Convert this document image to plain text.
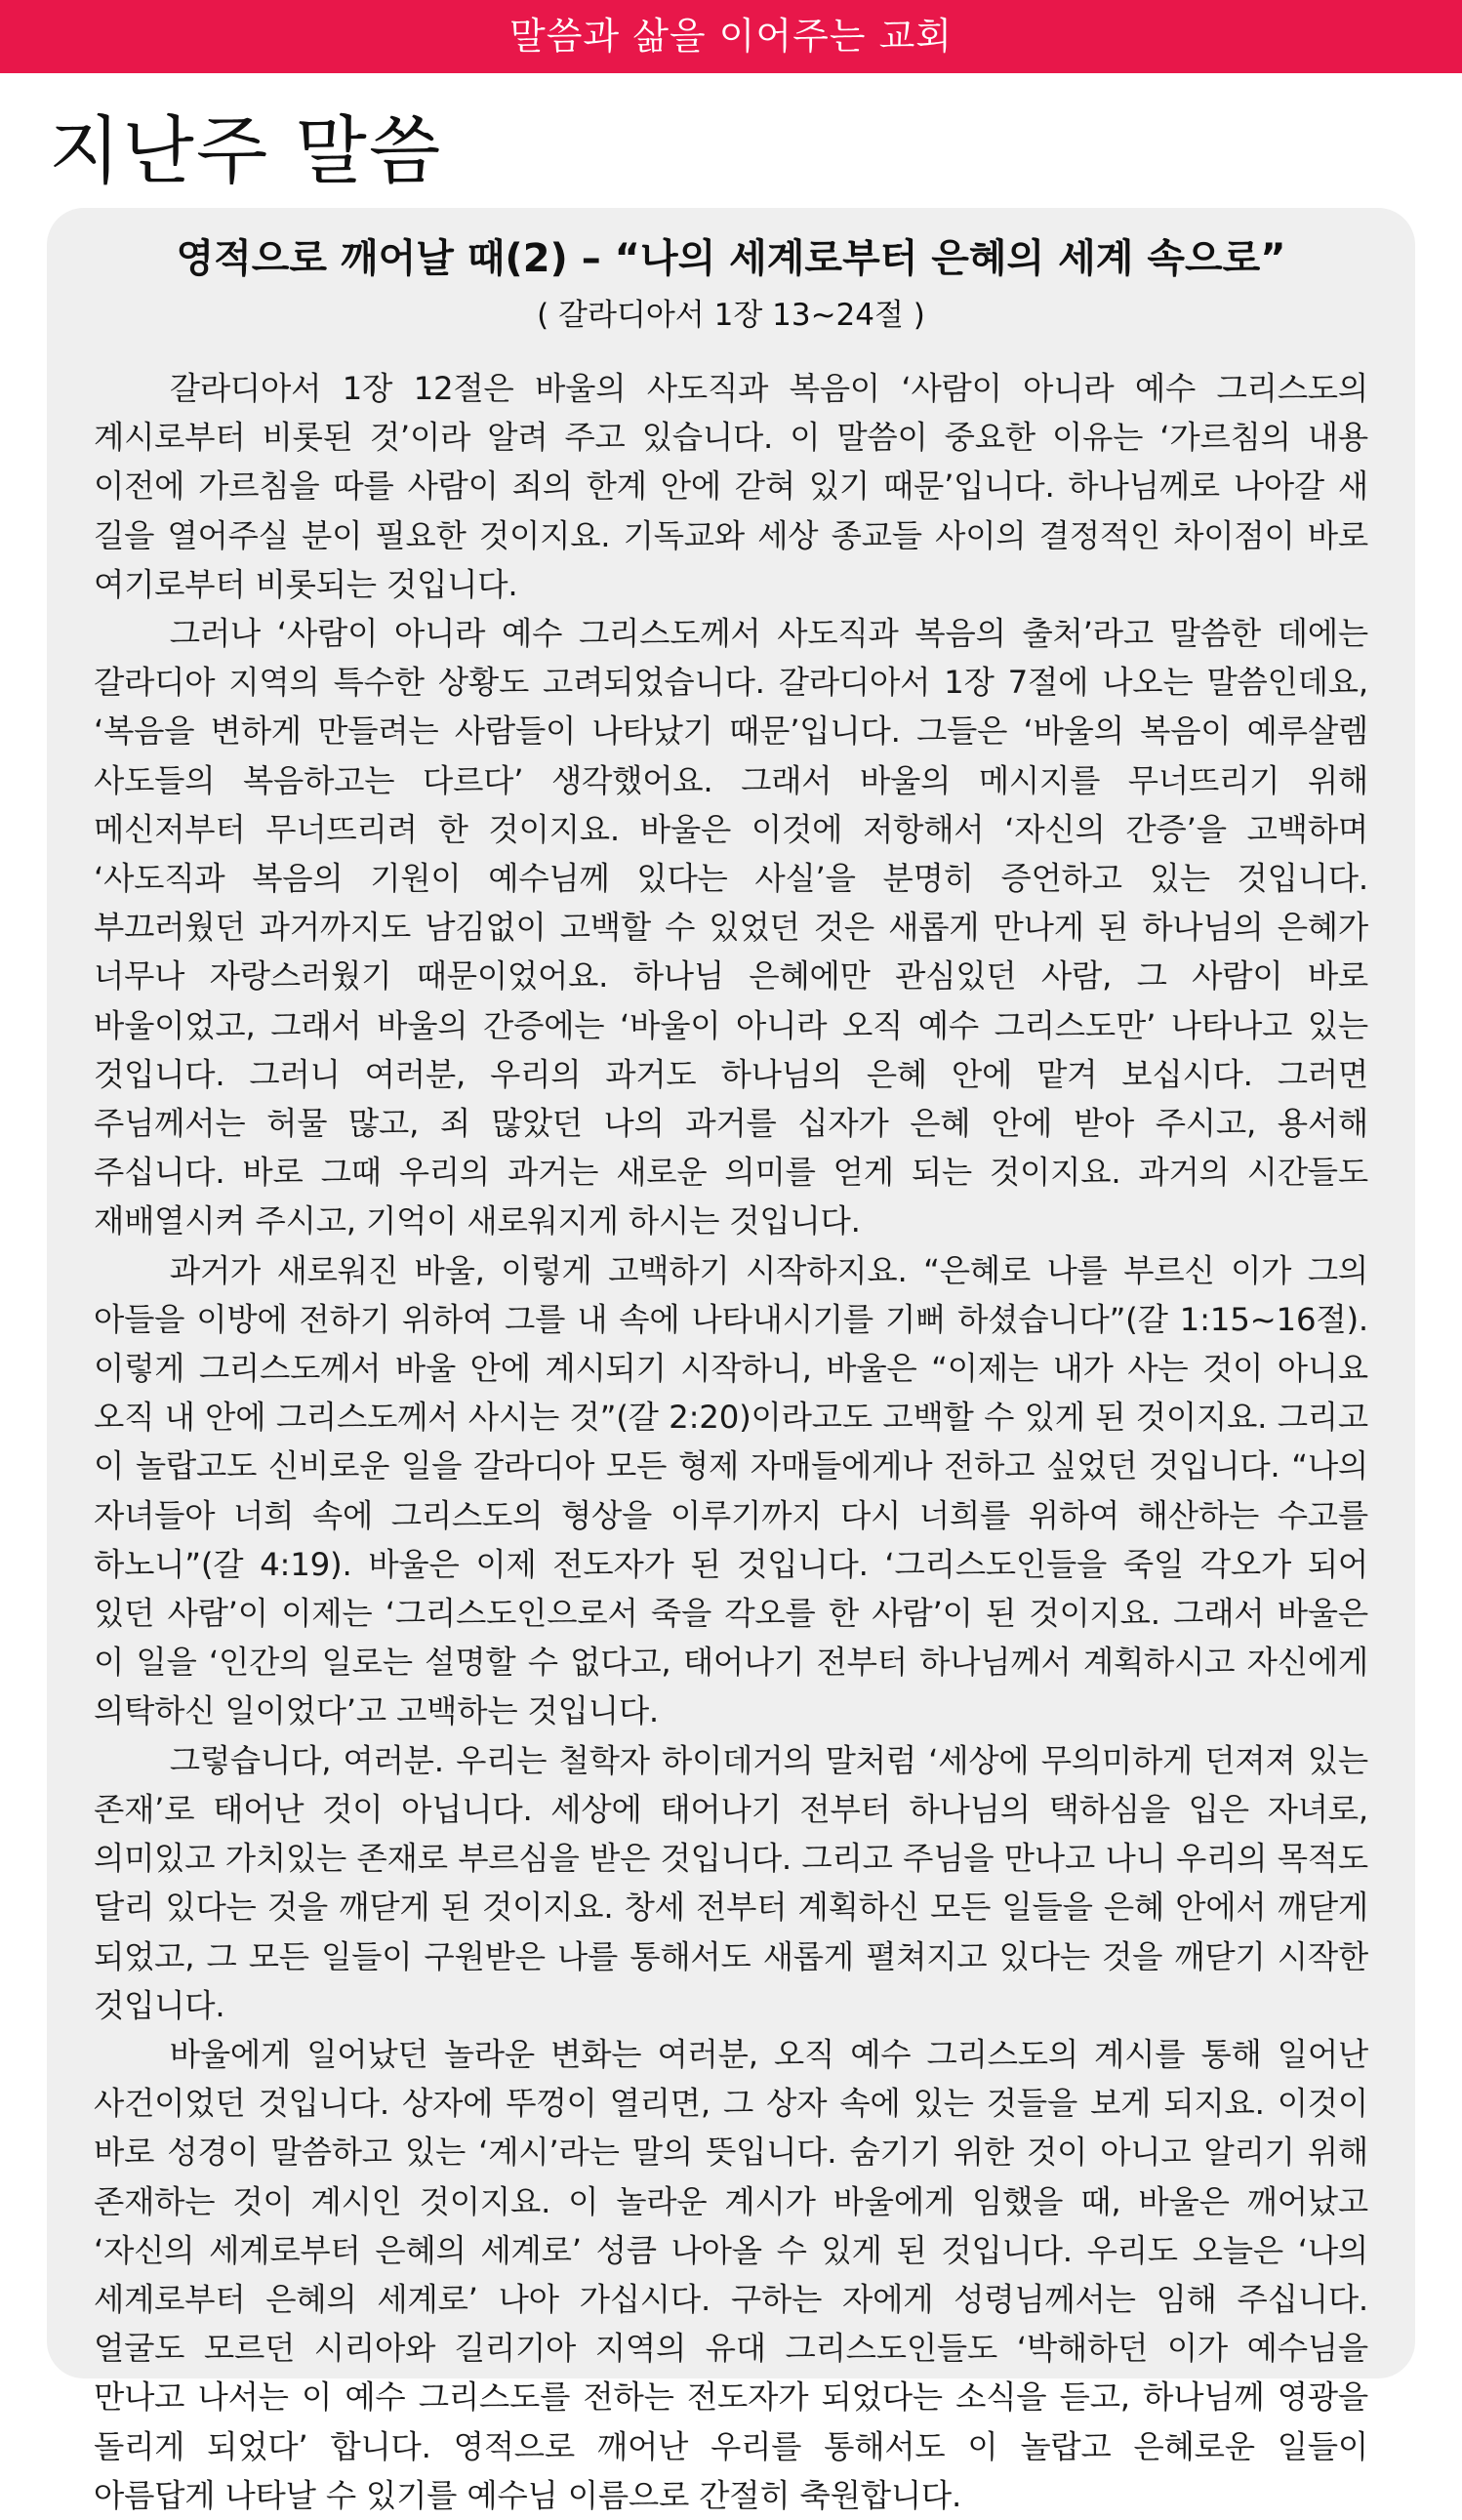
말씀과 삶을 이어주는 교회
지난주 말씀
영적으로 깨어날 때(2) – “나의 세계로부터 은혜의 세계 속으로”
( 갈라디아서 1장 13~24절 )

갈라디아서 1장 12절은 바울의 사도직과 복음이 ‘사람이 아니라 예수 그리스도의 계시로부터 비롯된 것’이라 알려 주고 있습니다. 이 말씀이 중요한 이유는 ‘가르침의 내용 이전에 가르침을 따를 사람이 죄의 한계 안에 갇혀 있기 때문’입니다. 하나님께로 나아갈 새 길을 열어주실 분이 필요한 것이지요. 기독교와 세상 종교들 사이의 결정적인 차이점이 바로 여기로부터 비롯되는 것입니다.

그러나 ‘사람이 아니라 예수 그리스도께서 사도직과 복음의 출처’라고 말씀한 데에는 갈라디아 지역의 특수한 상황도 고려되었습니다. 갈라디아서 1장 7절에 나오는 말씀인데요, ‘복음을 변하게 만들려는 사람들이 나타났기 때문’입니다. 그들은 ‘바울의 복음이 예루살렘 사도들의 복음하고는 다르다’ 생각했어요. 그래서 바울의 메시지를 무너뜨리기 위해 메신저부터 무너뜨리려 한 것이지요. 바울은 이것에 저항해서 ‘자신의 간증’을 고백하며 ‘사도직과 복음의 기원이 예수님께 있다는 사실’을 분명히 증언하고 있는 것입니다. 부끄러웠던 과거까지도 남김없이 고백할 수 있었던 것은 새롭게 만나게 된 하나님의 은혜가 너무나 자랑스러웠기 때문이었어요. 하나님 은혜에만 관심있던 사람, 그 사람이 바로 바울이었고, 그래서 바울의 간증에는 ‘바울이 아니라 오직 예수 그리스도만’ 나타나고 있는 것입니다. 그러니 여러분, 우리의 과거도 하나님의 은혜 안에 맡겨 보십시다. 그러면 주님께서는 허물 많고, 죄 많았던 나의 과거를 십자가 은혜 안에 받아 주시고, 용서해 주십니다. 바로 그때 우리의 과거는 새로운 의미를 얻게 되는 것이지요. 과거의 시간들도 재배열시켜 주시고, 기억이 새로워지게 하시는 것입니다.

과거가 새로워진 바울, 이렇게 고백하기 시작하지요. “은혜로 나를 부르신 이가 그의 아들을 이방에 전하기 위하여 그를 내 속에 나타내시기를 기뻐 하셨습니다”(갈 1:15~16절). 이렇게 그리스도께서 바울 안에 계시되기 시작하니, 바울은 “이제는 내가 사는 것이 아니요 오직 내 안에 그리스도께서 사시는 것”(갈 2:20)이라고도 고백할 수 있게 된 것이지요. 그리고 이 놀랍고도 신비로운 일을 갈라디아 모든 형제 자매들에게나 전하고 싶었던 것입니다. “나의 자녀들아 너희 속에 그리스도의 형상을 이루기까지 다시 너희를 위하여 해산하는 수고를 하노니”(갈 4:19). 바울은 이제 전도자가 된 것입니다. ‘그리스도인들을 죽일 각오가 되어 있던 사람’이 이제는 ‘그리스도인으로서 죽을 각오를 한 사람’이 된 것이지요. 그래서 바울은 이 일을 ‘인간의 일로는 설명할 수 없다고, 태어나기 전부터 하나님께서 계획하시고 자신에게 의탁하신 일이었다’고 고백하는 것입니다.

그렇습니다, 여러분. 우리는 철학자 하이데거의 말처럼 ‘세상에 무의미하게 던져져 있는 존재’로 태어난 것이 아닙니다. 세상에 태어나기 전부터 하나님의 택하심을 입은 자녀로, 의미있고 가치있는 존재로 부르심을 받은 것입니다. 그리고 주님을 만나고 나니 우리의 목적도 달리 있다는 것을 깨닫게 된 것이지요. 창세 전부터 계획하신 모든 일들을 은혜 안에서 깨닫게 되었고, 그 모든 일들이 구원받은 나를 통해서도 새롭게 펼쳐지고 있다는 것을 깨닫기 시작한 것입니다.

바울에게 일어났던 놀라운 변화는 여러분, 오직 예수 그리스도의 계시를 통해 일어난 사건이었던 것입니다. 상자에 뚜껑이 열리면, 그 상자 속에 있는 것들을 보게 되지요. 이것이 바로 성경이 말씀하고 있는 ‘계시’라는 말의 뜻입니다. 숨기기 위한 것이 아니고 알리기 위해 존재하는 것이 계시인 것이지요. 이 놀라운 계시가 바울에게 임했을 때, 바울은 깨어났고 ‘자신의 세계로부터 은혜의 세계로’ 성큼 나아올 수 있게 된 것입니다. 우리도 오늘은 ‘나의 세계로부터 은혜의 세계로’ 나아 가십시다. 구하는 자에게 성령님께서는 임해 주십니다. 얼굴도 모르던 시리아와 길리기아 지역의 유대 그리스도인들도 ‘박해하던 이가 예수님을 만나고 나서는 이 예수 그리스도를 전하는 전도자가 되었다는 소식을 듣고, 하나님께 영광을 돌리게 되었다’ 합니다. 영적으로 깨어난 우리를 통해서도 이 놀랍고 은혜로운 일들이 아름답게 나타날 수 있기를 예수님 이름으로 간절히 축원합니다.
